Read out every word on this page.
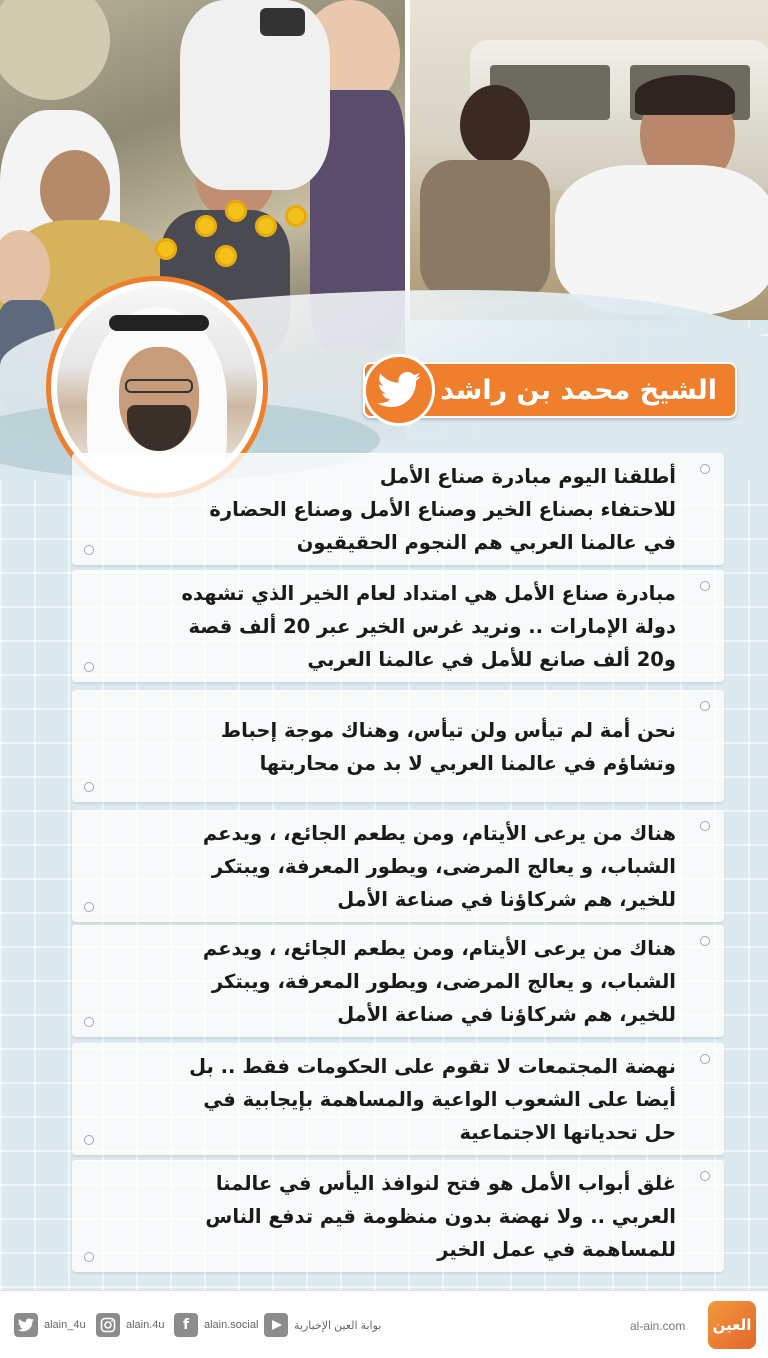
الشيخ محمد بن راشد
أطلقنا اليوم مبادرة صناع الأمل
للاحتفاء بصناع الخير وصناع الأمل وصناع الحضارة
في عالمنا العربي هم النجوم الحقيقيون
مبادرة صناع الأمل هي امتداد لعام الخير الذي تشهده
دولة الإمارات .. ونريد غرس الخير عبر 20 ألف قصة
و20 ألف صانع للأمل في عالمنا العربي
نحن أمة لم تيأس ولن تيأس، وهناك موجة إحباط
وتشاؤم في عالمنا العربي لا بد من محاربتها
هناك من يرعى الأيتام، ومن يطعم الجائع، ، ويدعم
الشباب، و يعالج المرضى، ويطور المعرفة، ويبتكر
للخير، هم شركاؤنا في صناعة الأمل
هناك من يرعى الأيتام، ومن يطعم الجائع، ، ويدعم
الشباب، و يعالج المرضى، ويطور المعرفة، ويبتكر
للخير، هم شركاؤنا في صناعة الأمل
نهضة المجتمعات لا تقوم على الحكومات فقط .. بل
أيضا على الشعوب الواعية والمساهمة بإيجابية في
حل تحدياتها الاجتماعية
غلق أبواب الأمل هو فتح لنوافذ اليأس في عالمنا
العربي .. ولا نهضة بدون منظومة قيم تدفع الناس
للمساهمة في عمل الخير
alain_4u	alain.4u	f	alain.social	بوابة العين الإخبارية	al-ain.com العين
